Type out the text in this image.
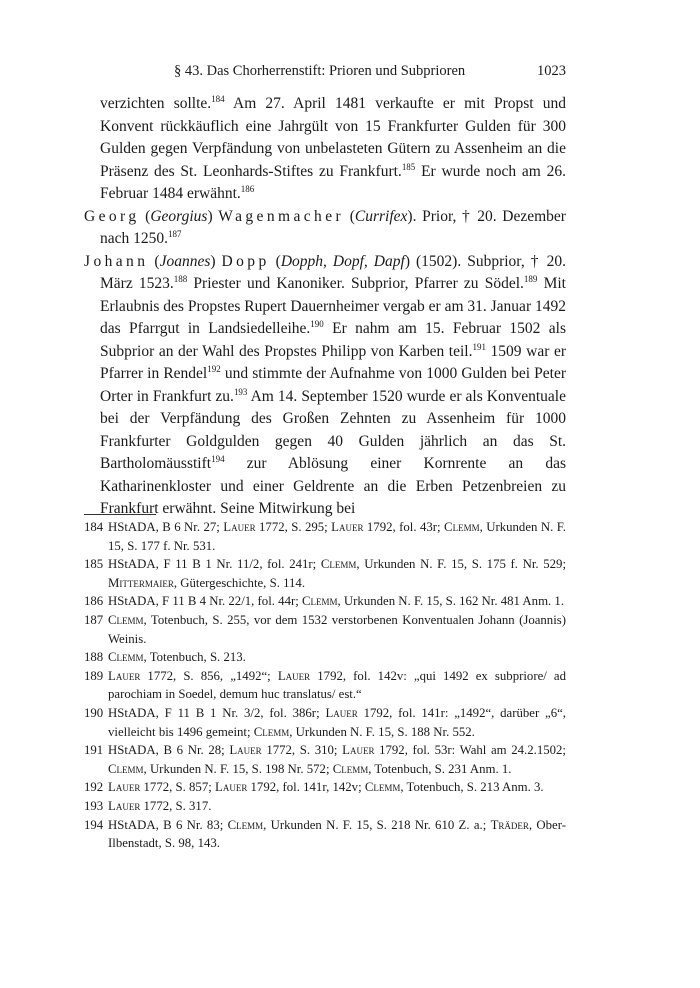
§ 43. Das Chorherrenstift: Prioren und Subprioren	1023

verzichten sollte.$^{184}$ Am 27. April 1481 verkaufte er mit Propst und Konvent rückkäuflich eine Jahrgült von 15 Frankfurter Gulden für 300 Gulden gegen Verpfändung von unbelasteten Gütern zu Assenheim an die Präsenz des St. Leonhards-Stiftes zu Frankfurt.$^{185}$ Er wurde noch am 26. Februar 1484 erwähnt.$^{186}$

Georg (Georgius) Wagenmacher (Currifex). Prior, † 20. Dezember nach 1250.$^{187}$

Johann (Joannes) Dopp (Dopph, Dopf, Dapf) (1502). Subprior, † 20. März 1523.$^{188}$ Priester und Kanoniker. Subprior, Pfarrer zu Södel.$^{189}$ Mit Erlaubnis des Propstes Rupert Dauernheimer vergab er am 31. Januar 1492 das Pfarrgut in Landsiedelleihe.$^{190}$ Er nahm am 15. Februar 1502 als Subprior an der Wahl des Propstes Philipp von Karben teil.$^{191}$ 1509 war er Pfarrer in Rendel$^{192}$ und stimmte der Aufnahme von 1000 Gulden bei Peter Orter in Frankfurt zu.$^{193}$ Am 14. September 1520 wurde er als Konventuale bei der Verpfändung des Großen Zehnten zu Assenheim für 1000 Frankfurter Goldgulden gegen 40 Gulden jährlich an das St. Bartholomäusstift$^{194}$ zur Ablösung einer Kornrente an das Katharinenkloster und einer Geldrente an die Erben Petzenbreien zu Frankfurt erwähnt. Seine Mitwirkung bei

184 HStADA, B 6 Nr. 27; Lauer 1772, S. 295; Lauer 1792, fol. 43r; Clemm, Urkunden N. F. 15, S. 177 f. Nr. 531.

185 HStADA, F 11 B 1 Nr. 11/2, fol. 241r; Clemm, Urkunden N. F. 15, S. 175 f. Nr. 529; Mittermaier, Gütergeschichte, S. 114.

186 HStADA, F 11 B 4 Nr. 22/1, fol. 44r; Clemm, Urkunden N. F. 15, S. 162 Nr. 481 Anm. 1.

187 Clemm, Totenbuch, S. 255, vor dem 1532 verstorbenen Konventualen Johann (Joannis) Weinis.

188 Clemm, Totenbuch, S. 213.

189 Lauer 1772, S. 856, „1492“; Lauer 1792, fol. 142v: „qui 1492 ex subpriore/ ad parochiam in Soedel, demum huc translatus/ est.“

190 HStADA, F 11 B 1 Nr. 3/2, fol. 386r; Lauer 1792, fol. 141r: „1492“, darüber „6“, vielleicht bis 1496 gemeint; Clemm, Urkunden N. F. 15, S. 188 Nr. 552.

191 HStADA, B 6 Nr. 28; Lauer 1772, S. 310; Lauer 1792, fol. 53r: Wahl am 24.2.1502; Clemm, Urkunden N. F. 15, S. 198 Nr. 572; Clemm, Totenbuch, S. 231 Anm. 1.

192 Lauer 1772, S. 857; Lauer 1792, fol. 141r, 142v; Clemm, Totenbuch, S. 213 Anm. 3.

193 Lauer 1772, S. 317.

194 HStADA, B 6 Nr. 83; Clemm, Urkunden N. F. 15, S. 218 Nr. 610 Z. a.; Träder, Ober-Ilbenstadt, S. 98, 143.
